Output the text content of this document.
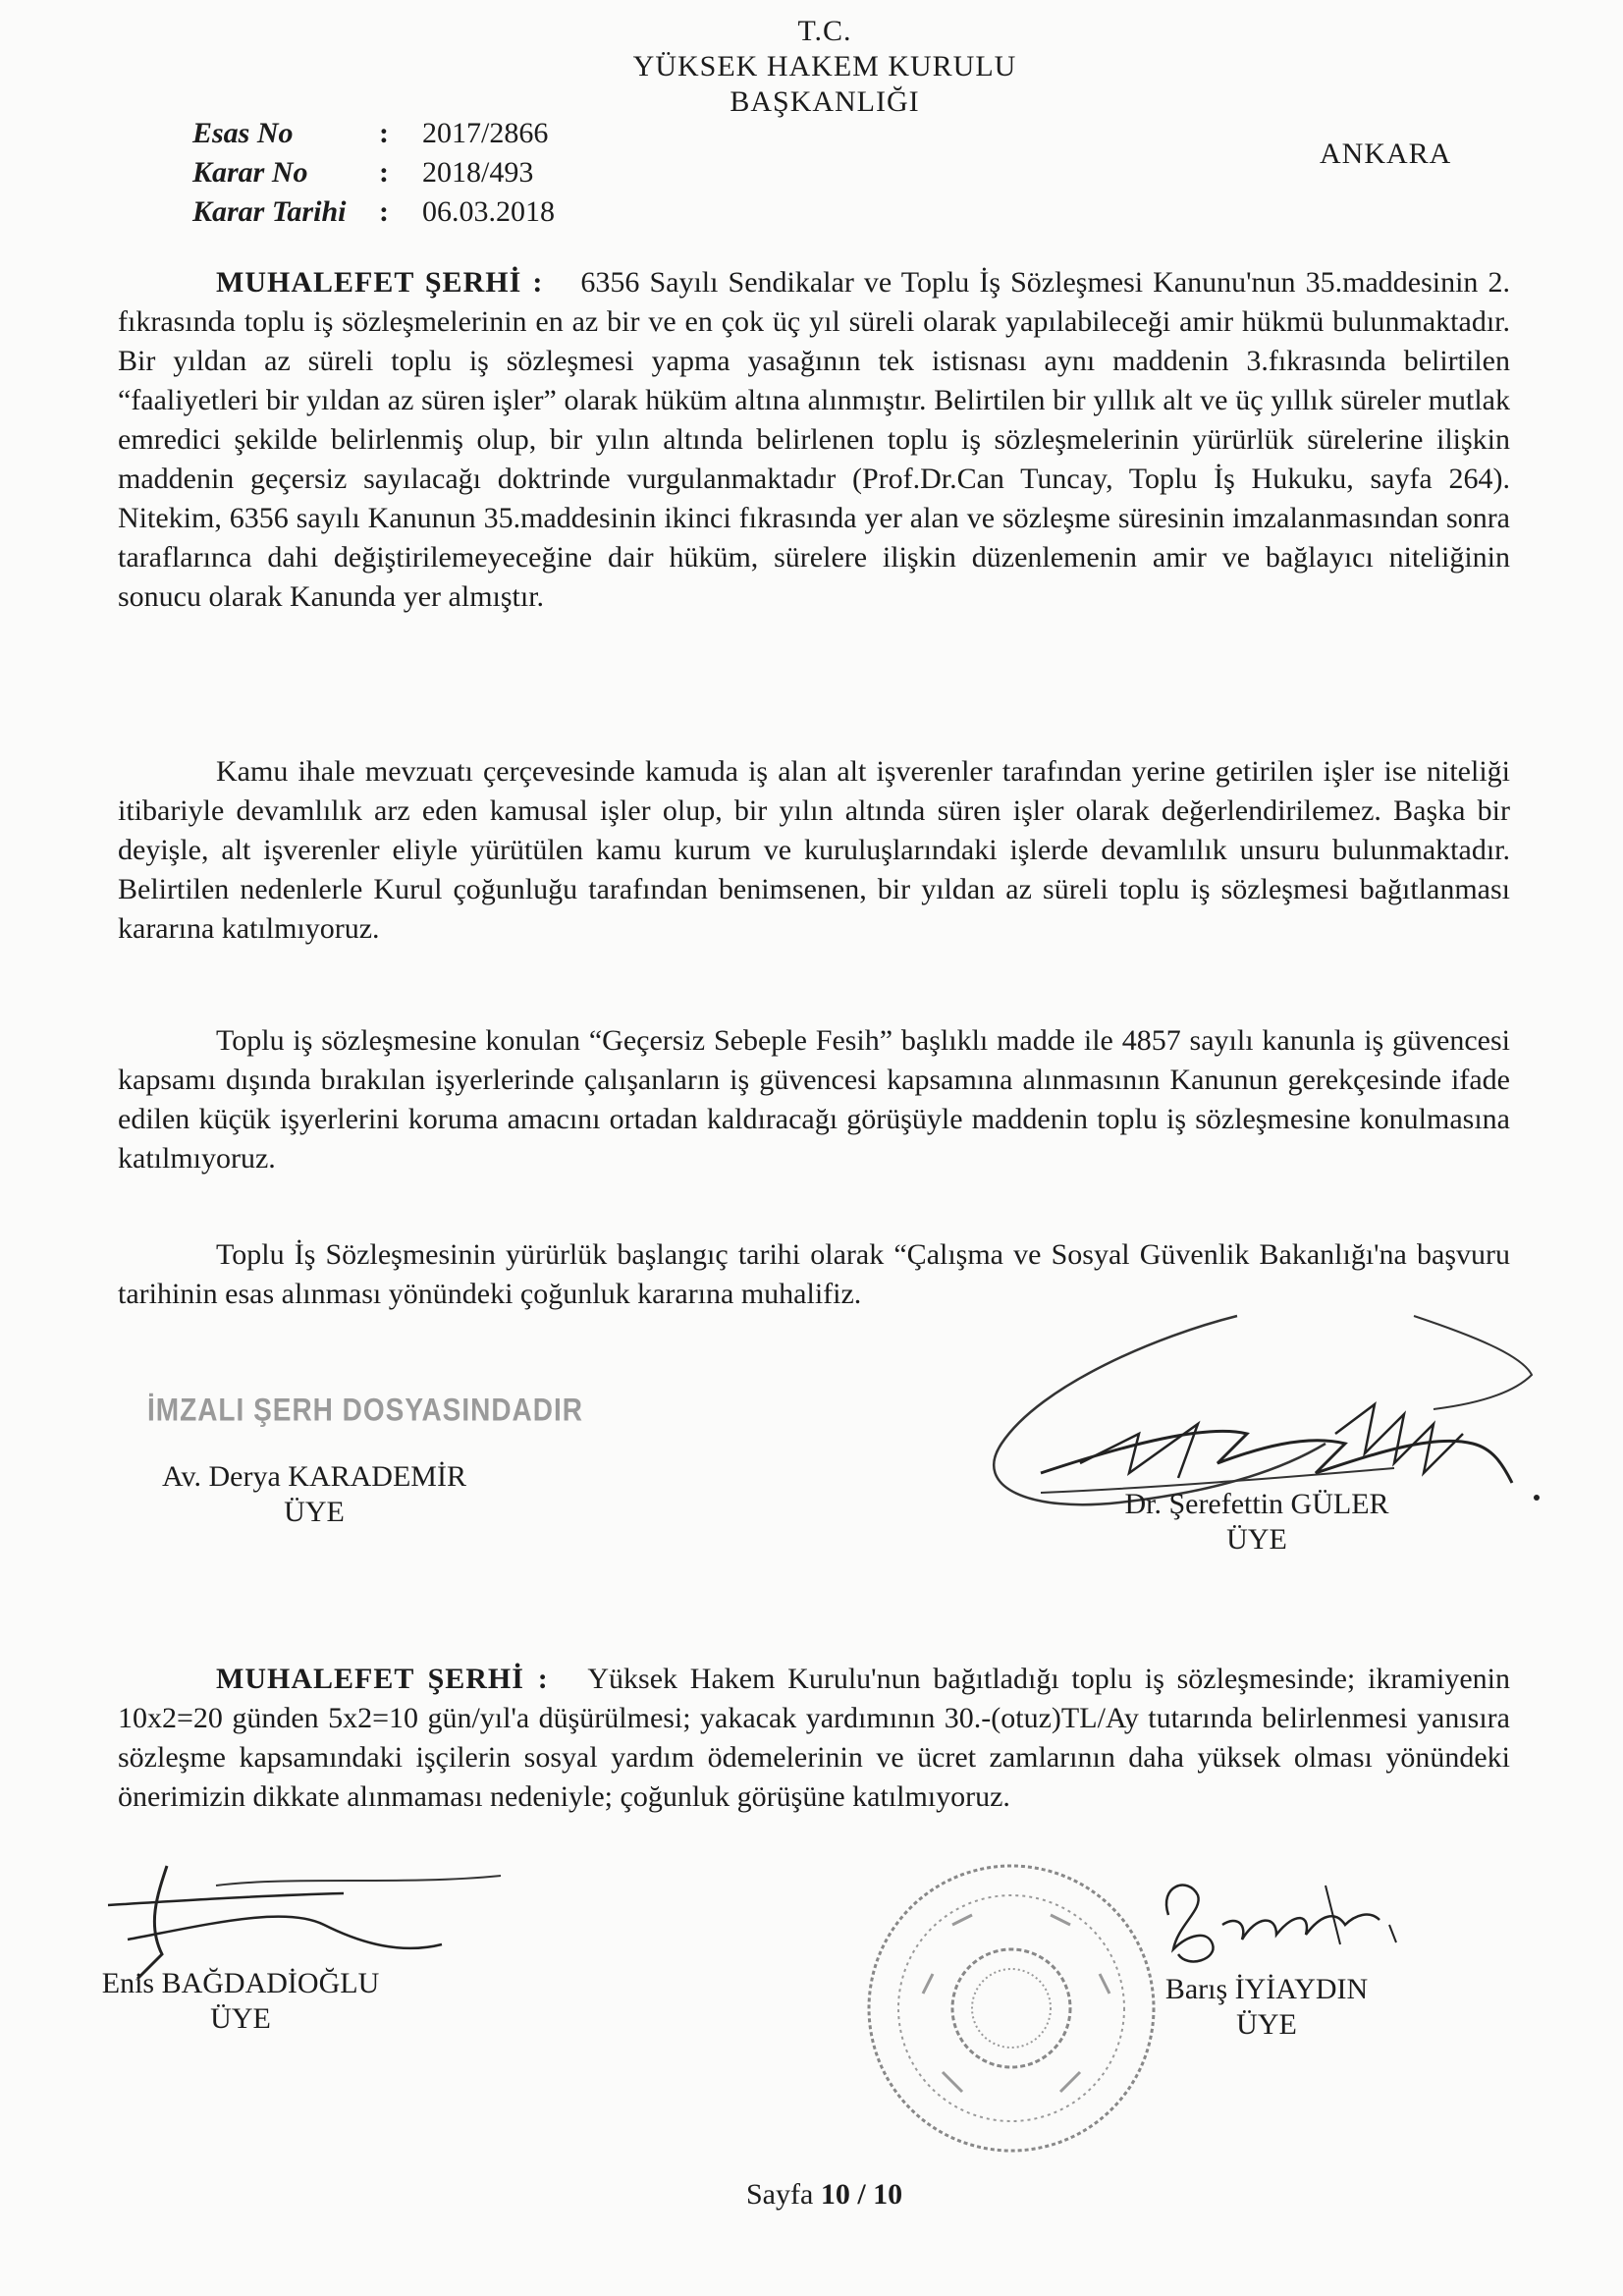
T.C.
YÜKSEK HAKEM KURULU
BAŞKANLIĞI
Esas No	:	2017/2866
Karar No	:	2018/493
Karar Tarihi	:	06.03.2018
ANKARA
MUHALEFET ŞERHİ : 6356 Sayılı Sendikalar ve Toplu İş Sözleşmesi Kanunu'nun 35.maddesinin 2. fıkrasında toplu iş sözleşmelerinin en az bir ve en çok üç yıl süreli olarak yapılabileceği amir hükmü bulunmaktadır. Bir yıldan az süreli toplu iş sözleşmesi yapma yasağının tek istisnası aynı maddenin 3.fıkrasında belirtilen “faaliyetleri bir yıldan az süren işler” olarak hüküm altına alınmıştır. Belirtilen bir yıllık alt ve üç yıllık süreler mutlak emredici şekilde belirlenmiş olup, bir yılın altında belirlenen toplu iş sözleşmelerinin yürürlük sürelerine ilişkin maddenin geçersiz sayılacağı doktrinde vurgulanmaktadır (Prof.Dr.Can Tuncay, Toplu İş Hukuku, sayfa 264). Nitekim, 6356 sayılı Kanunun 35.maddesinin ikinci fıkrasında yer alan ve sözleşme süresinin imzalanmasından sonra taraflarınca dahi değiştirilemeyeceğine dair hüküm, sürelere ilişkin düzenlemenin amir ve bağlayıcı niteliğinin sonucu olarak Kanunda yer almıştır.
Kamu ihale mevzuatı çerçevesinde kamuda iş alan alt işverenler tarafından yerine getirilen işler ise niteliği itibariyle devamlılık arz eden kamusal işler olup, bir yılın altında süren işler olarak değerlendirilemez. Başka bir deyişle, alt işverenler eliyle yürütülen kamu kurum ve kuruluşlarındaki işlerde devamlılık unsuru bulunmaktadır. Belirtilen nedenlerle Kurul çoğunluğu tarafından benimsenen, bir yıldan az süreli toplu iş sözleşmesi bağıtlanması kararına katılmıyoruz.
Toplu iş sözleşmesine konulan “Geçersiz Sebeple Fesih” başlıklı madde ile 4857 sayılı kanunla iş güvencesi kapsamı dışında bırakılan işyerlerinde çalışanların iş güvencesi kapsamına alınmasının Kanunun gerekçesinde ifade edilen küçük işyerlerini koruma amacını ortadan kaldıracağı görüşüyle maddenin toplu iş sözleşmesine konulmasına katılmıyoruz.
Toplu İş Sözleşmesinin yürürlük başlangıç tarihi olarak “Çalışma ve Sosyal Güvenlik Bakanlığı'na başvuru tarihinin esas alınması yönündeki çoğunluk kararına muhalifiz.
İMZALI ŞERH DOSYASINDADIR
Av. Derya KARADEMİR
ÜYE	Dr. Şerefettin GÜLER
ÜYE
MUHALEFET ŞERHİ : Yüksek Hakem Kurulu'nun bağıtladığı toplu iş sözleşmesinde; ikramiyenin 10x2=20 günden 5x2=10 gün/yıl'a düşürülmesi; yakacak yardımının 30.-(otuz)TL/Ay tutarında belirlenmesi yanısıra sözleşme kapsamındaki işçilerin sosyal yardım ödemelerinin ve ücret zamlarının daha yüksek olması yönündeki önerimizin dikkate alınmaması nedeniyle; çoğunluk görüşüne katılmıyoruz.
Enis BAĞDADİOĞLU
ÜYE
Barış İYİAYDIN
ÜYE
Sayfa 10 / 10
